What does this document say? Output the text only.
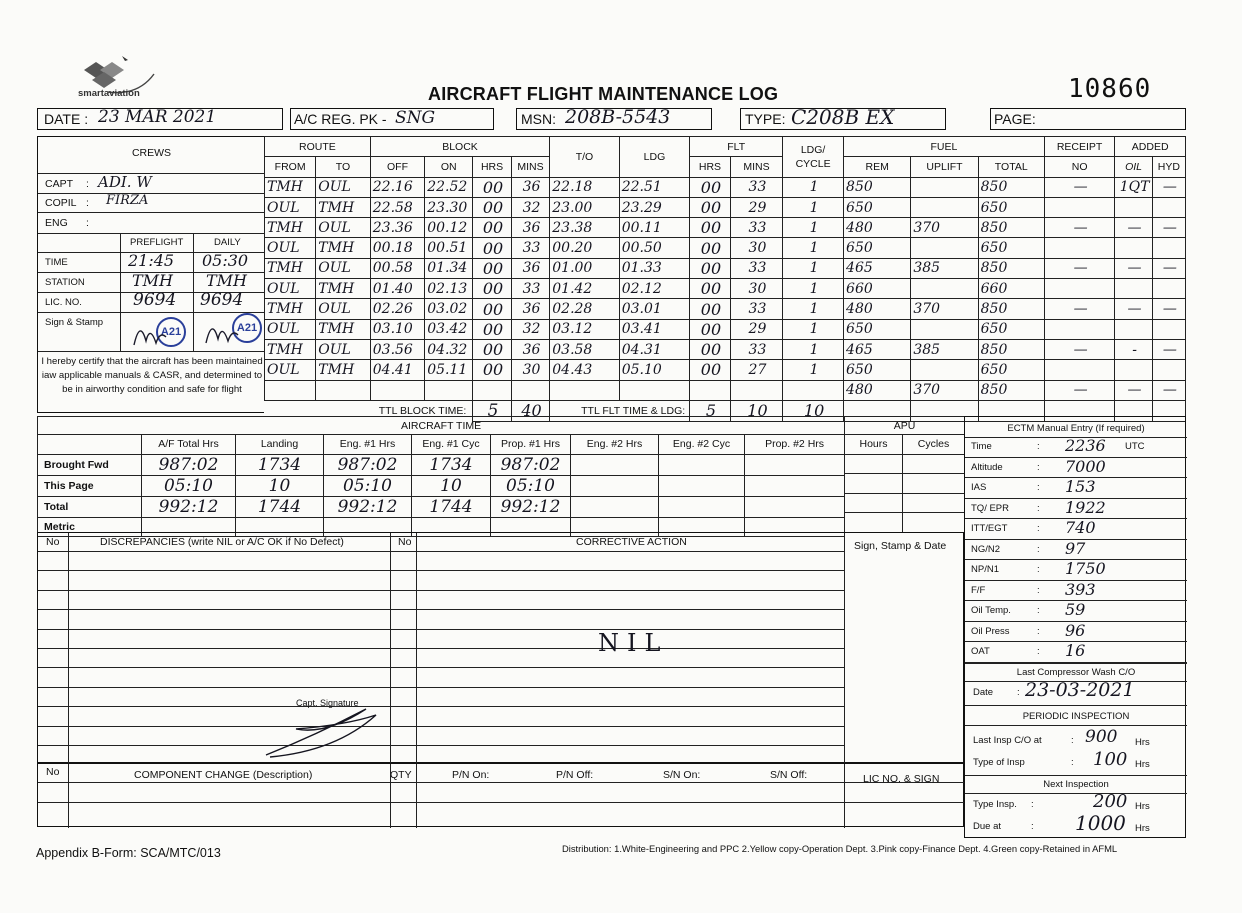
smartaviation	AIRCRAFT FLIGHT MAINTENANCE LOG	10860
DATE : 23 MAR 2021	A/C REG. PK - SNG	MSN: 208B-5543	TYPE: C208B EX	PAGE:
CREWS
CAPT : ADI. W
COPIL : FIRZA
ENG :
PREFLIGHT	DAILY
TIME	21:45 05:30
STATION	TMH TMH
LIC. NO.	9694 9694
Sign & Stamp
A21	A21
I hereby certify that the aircraft has been maintained iaw applicable manuals & CASR, and determined to be in airworthy condition and safe for flight
ROUTE		BLOCK				T/O	LDG	FLT		LDG/ CYCLE	FUEL			RECEIPT	ADDED	
FROM	TO	OFF	ON	HRS	MINS			HRS	MINS		REM	UPLIFT	TOTAL	NO	OIL	HYD
TMH	OUL	22.16	22.52	00	36	22.18	22.51	00	33	1	850		850	—	1QT	—
OUL	TMH	22.58	23.30	00	32	23.00	23.29	00	29	1	650		650			
TMH	OUL	23.36	00.12	00	36	23.38	00.11	00	33	1	480	370	850	—	—	—
OUL	TMH	00.18	00.51	00	33	00.20	00.50	00	30	1	650		650			
TMH	OUL	00.58	01.34	00	36	01.00	01.33	00	33	1	465	385	850	—	—	—
OUL	TMH	01.40	02.13	00	33	01.42	02.12	00	30	1	660		660			
TMH	OUL	02.26	03.02	00	36	02.28	03.01	00	33	1	480	370	850	—	—	—
OUL	TMH	03.10	03.42	00	32	03.12	03.41	00	29	1	650		650			
TMH	OUL	03.56	04.32	00	36	03.58	04.31	00	33	1	465	385	850	—	-	—
OUL	TMH	04.41	05.11	00	30	04.43	05.10	00	27	1	650		650			
											480	370	850	—	—	—
TTL BLOCK TIME:				5	40	TTL FLT TIME & LDG:		5	10	10						
AIRCRAFT TIME								
	A/F Total Hrs	Landing	Eng. #1 Hrs	Eng. #1 Cyc	Prop. #1 Hrs	Eng. #2 Hrs	Eng. #2 Cyc	Prop. #2 Hrs
Brought Fwd	987:02	1734	987:02	1734	987:02			
This Page	05:10	10	05:10	10	05:10			
Total	992:12	1744	992:12	1744	992:12			
Metric								
APU	
Hours	Cycles

No	DISCREPANCIES (write NIL or A/C OK if No Defect)	No	CORRECTIVE ACTION	Sign, Stamp & Date
NIL
Capt. Signature
No	COMPONENT CHANGE (Description)	QTY	P/N On:	P/N Off:	S/N On:	S/N Off:	LIC NO. & SIGN
ECTM Manual Entry (If required)
Time	: 2236 UTC
Altitude	: 7000
IAS	: 153
TQ/ EPR	: 1922
ITT/EGT	: 740
NG/N2	: 97
NP/N1	: 1750
F/F	: 393
Oil Temp.	: 59
Oil Press	: 96
OAT	: 16
Last Compressor Wash C/O
Date	: 23-03-2021
PERIODIC INSPECTION
Last Insp C/O at	: 900 Hrs
Type of Insp	: 100 Hrs
Next Inspection
Type Insp. :	200 Hrs
Due at	: 1000 Hrs
Appendix B-Form: SCA/MTC/013	Distribution: 1.White-Engineering and PPC 2.Yellow copy-Operation Dept. 3.Pink copy-Finance Dept. 4.Green copy-Retained in AFML
